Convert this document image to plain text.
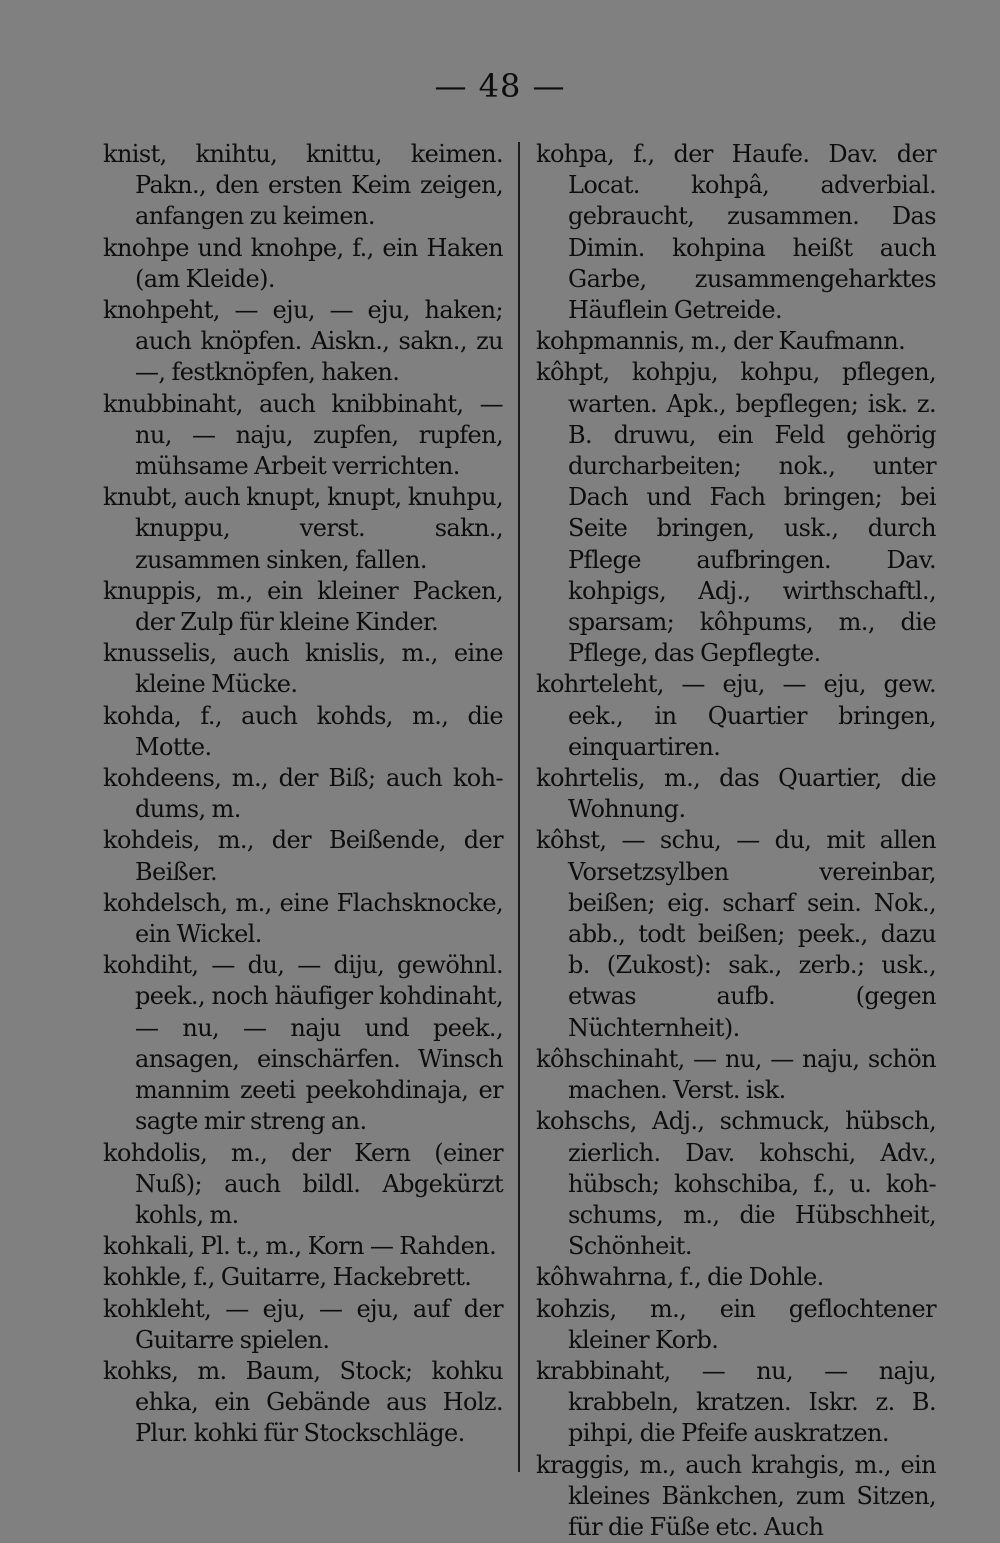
— 48 —

knist, knihtu, knittu, keimen. Pakn., den ersten Keim zeigen, anfangen zu keimen.

knohpe und knohpe, f., ein Haken (am Kleide).

knohpeht, — eju, — eju, haken; auch knöpfen. Aiskn., sakn., zu —, festknöpfen, haken.

knubbinaht, auch knibbinaht, — nu, — naju, zupfen, rupfen, mühsame Arbeit verrichten.

knubt, auch knupt, knupt, knuhpu, knuppu, verst. sakn., zusammen sinken, fallen.

knuppis, m., ein kleiner Packen, der Zulp für kleine Kinder.

knusselis, auch knislis, m., eine kleine Mücke.

kohda, f., auch kohds, m., die Motte.

kohdeens, m., der Biß; auch koh-dums, m.

kohdeis, m., der Beißende, der Beißer.

kohdelsch, m., eine Flachsknocke, ein Wickel.

kohdiht, — du, — diju, gewöhnl. peek., noch häufiger kohdinaht, — nu, — naju und peek., ansagen, einschärfen. Winsch mannim zeeti peekohdinaja, er sagte mir streng an.

kohdolis, m., der Kern (einer Nuß); auch bildl. Abgekürzt kohls, m.

kohkali, Pl. t., m., Korn — Rahden.

kohkle, f., Guitarre, Hackebrett.

kohkleht, — eju, — eju, auf der Guitarre spielen.

kohks, m. Baum, Stock; kohku ehka, ein Gebände aus Holz. Plur. kohki für Stockschläge.

kohpa, f., der Haufe. Dav. der Locat. kohpâ, adverbial. gebraucht, zusammen. Das Dimin. kohpina heißt auch Garbe, zusammengeharktes Häuflein Getreide.

kohpmannis, m., der Kaufmann.

kôhpt, kohpju, kohpu, pflegen, warten. Apk., bepflegen; isk. z. B. druwu, ein Feld gehörig durcharbeiten; nok., unter Dach und Fach bringen; bei Seite bringen, usk., durch Pflege aufbringen. Dav. kohpigs, Adj., wirthschaftl., sparsam; kôhpums, m., die Pflege, das Gepflegte.

kohrteleht, — eju, — eju, gew. eek., in Quartier bringen, einquartiren.

kohrtelis, m., das Quartier, die Wohnung.

kôhst, — schu, — du, mit allen Vorsetzsylben vereinbar, beißen; eig. scharf sein. Nok., abb., todt beißen; peek., dazu b. (Zukost): sak., zerb.; usk., etwas aufb. (gegen Nüchternheit).

kôhschinaht, — nu, — naju, schön machen. Verst. isk.

kohschs, Adj., schmuck, hübsch, zierlich. Dav. kohschi, Adv., hübsch; kohschiba, f., u. koh-schums, m., die Hübschheit, Schönheit.

kôhwahrna, f., die Dohle.

kohzis, m., ein geflochtener kleiner Korb.

krabbinaht, — nu, — naju, krabbeln, kratzen. Iskr. z. B. pihpi, die Pfeife auskratzen.

kraggis, m., auch krahgis, m., ein kleines Bänkchen, zum Sitzen, für die Füße etc. Auch
